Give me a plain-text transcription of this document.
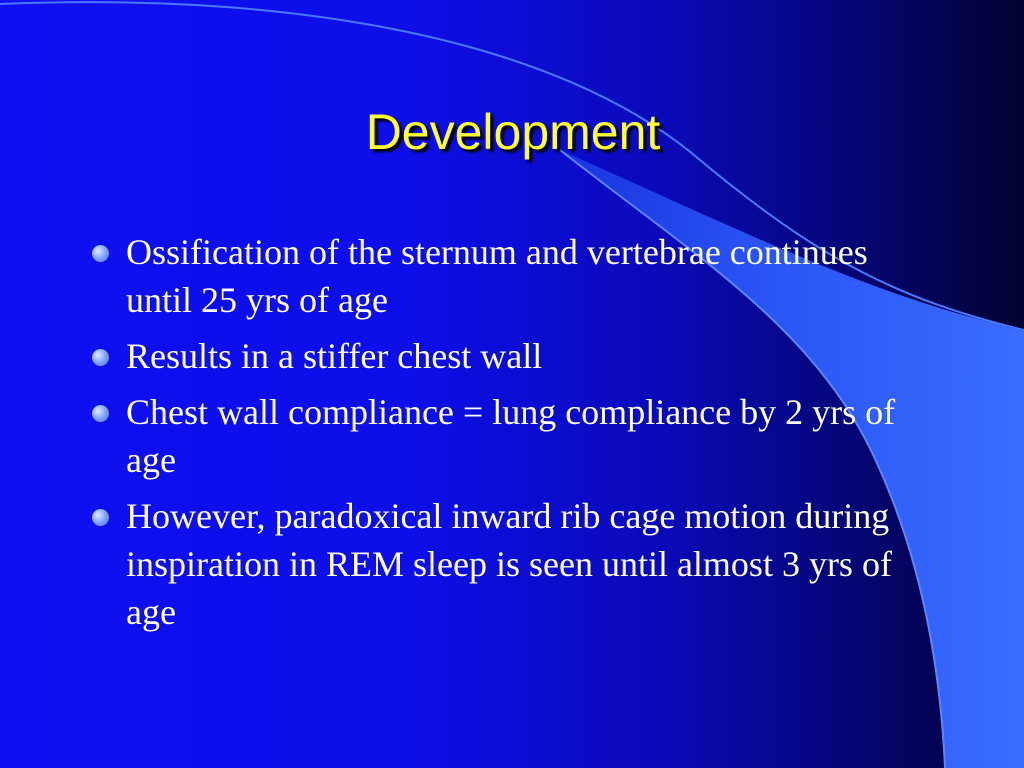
Development
Ossification of the sternum and vertebrae continues until 25 yrs of age
Results in a stiffer chest wall
Chest wall compliance = lung compliance by 2 yrs of age
However, paradoxical inward rib cage motion during inspiration in REM sleep is seen until almost 3 yrs of age
